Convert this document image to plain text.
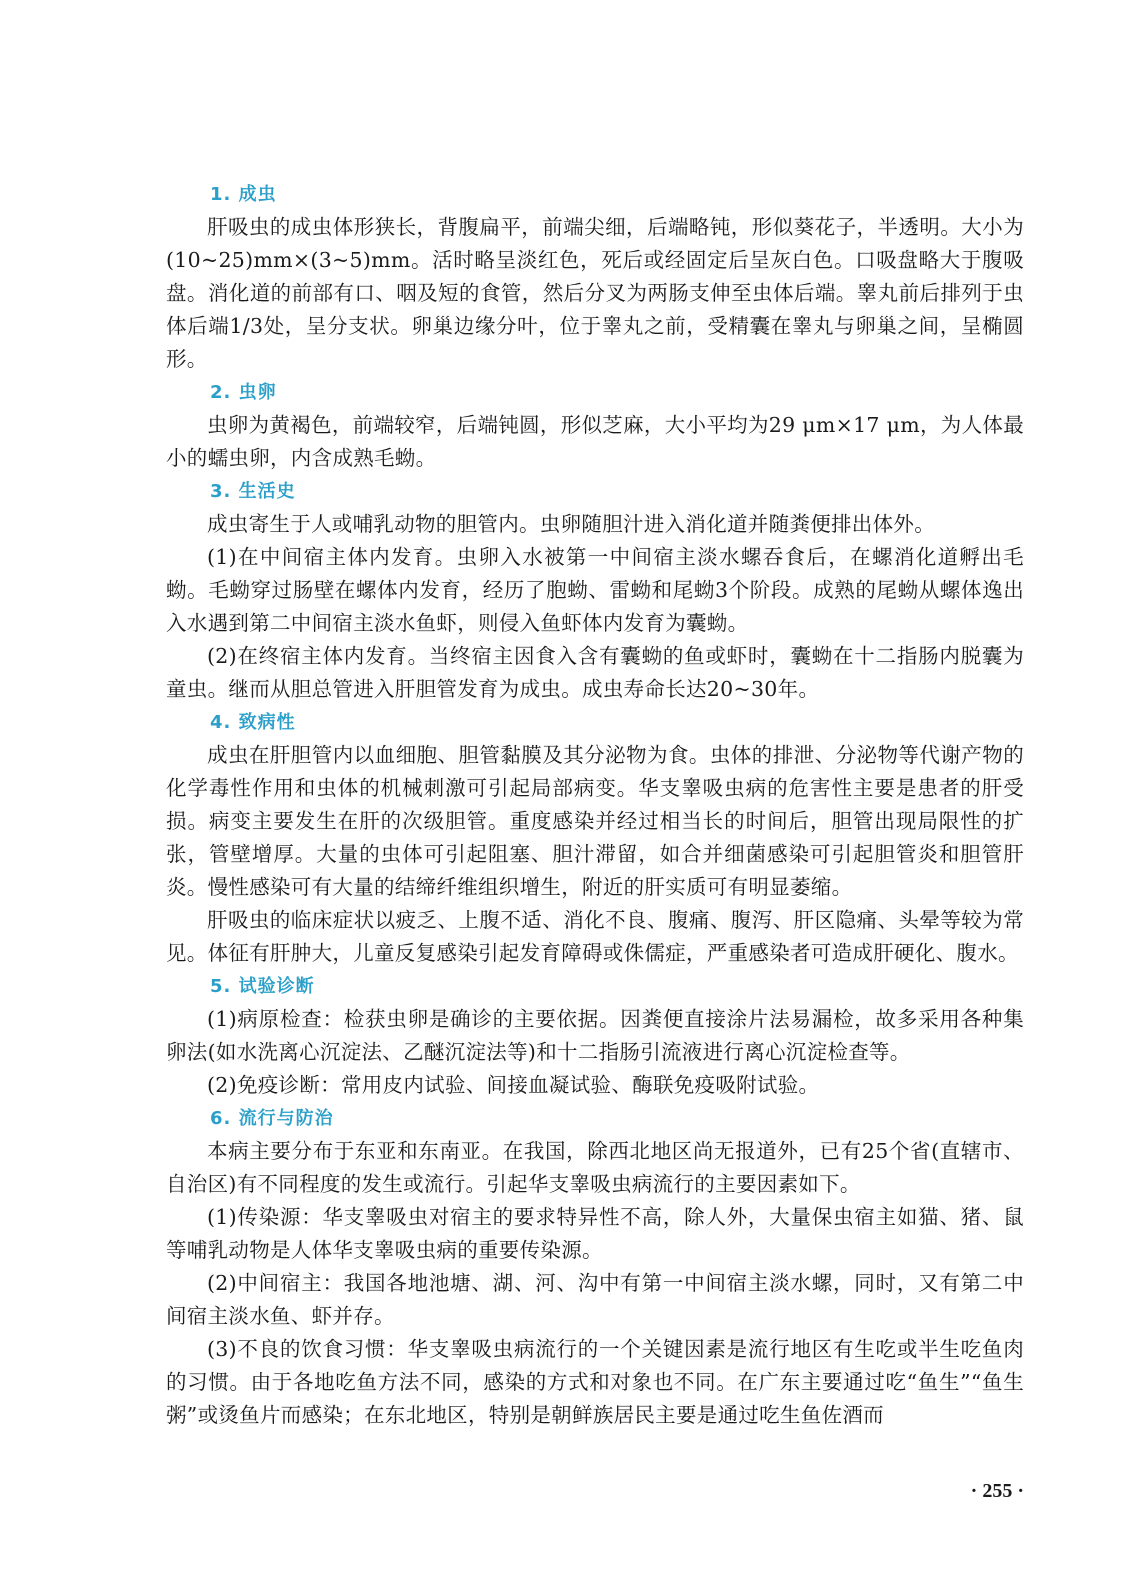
1. 成虫

肝吸虫的成虫体形狭长，背腹扁平，前端尖细，后端略钝，形似葵花子，半透明。大小为(10~25)mm×(3~5)mm。活时略呈淡红色，死后或经固定后呈灰白色。口吸盘略大于腹吸盘。消化道的前部有口、咽及短的食管，然后分叉为两肠支伸至虫体后端。睾丸前后排列于虫体后端1/3处，呈分支状。卵巢边缘分叶，位于睾丸之前，受精囊在睾丸与卵巢之间，呈椭圆形。

2. 虫卵

虫卵为黄褐色，前端较窄，后端钝圆，形似芝麻，大小平均为29 μm×17 μm，为人体最小的蠕虫卵，内含成熟毛蚴。

3. 生活史

成虫寄生于人或哺乳动物的胆管内。虫卵随胆汁进入消化道并随粪便排出体外。

(1)在中间宿主体内发育。虫卵入水被第一中间宿主淡水螺吞食后，在螺消化道孵出毛蚴。毛蚴穿过肠壁在螺体内发育，经历了胞蚴、雷蚴和尾蚴3个阶段。成熟的尾蚴从螺体逸出入水遇到第二中间宿主淡水鱼虾，则侵入鱼虾体内发育为囊蚴。

(2)在终宿主体内发育。当终宿主因食入含有囊蚴的鱼或虾时，囊蚴在十二指肠内脱囊为童虫。继而从胆总管进入肝胆管发育为成虫。成虫寿命长达20~30年。

4. 致病性

成虫在肝胆管内以血细胞、胆管黏膜及其分泌物为食。虫体的排泄、分泌物等代谢产物的化学毒性作用和虫体的机械刺激可引起局部病变。华支睾吸虫病的危害性主要是患者的肝受损。病变主要发生在肝的次级胆管。重度感染并经过相当长的时间后，胆管出现局限性的扩张，管壁增厚。大量的虫体可引起阻塞、胆汁滞留，如合并细菌感染可引起胆管炎和胆管肝炎。慢性感染可有大量的结缔纤维组织增生，附近的肝实质可有明显萎缩。

肝吸虫的临床症状以疲乏、上腹不适、消化不良、腹痛、腹泻、肝区隐痛、头晕等较为常见。体征有肝肿大，儿童反复感染引起发育障碍或侏儒症，严重感染者可造成肝硬化、腹水。

5. 试验诊断

(1)病原检查：检获虫卵是确诊的主要依据。因粪便直接涂片法易漏检，故多采用各种集卵法(如水洗离心沉淀法、乙醚沉淀法等)和十二指肠引流液进行离心沉淀检查等。

(2)免疫诊断：常用皮内试验、间接血凝试验、酶联免疫吸附试验。

6. 流行与防治

本病主要分布于东亚和东南亚。在我国，除西北地区尚无报道外，已有25个省(直辖市、自治区)有不同程度的发生或流行。引起华支睾吸虫病流行的主要因素如下。

(1)传染源：华支睾吸虫对宿主的要求特异性不高，除人外，大量保虫宿主如猫、猪、鼠等哺乳动物是人体华支睾吸虫病的重要传染源。

(2)中间宿主：我国各地池塘、湖、河、沟中有第一中间宿主淡水螺，同时，又有第二中间宿主淡水鱼、虾并存。

(3)不良的饮食习惯：华支睾吸虫病流行的一个关键因素是流行地区有生吃或半生吃鱼肉的习惯。由于各地吃鱼方法不同，感染的方式和对象也不同。在广东主要通过吃“鱼生”“鱼生粥”或烫鱼片而感染；在东北地区，特别是朝鲜族居民主要是通过吃生鱼佐酒而

· 255 ·
